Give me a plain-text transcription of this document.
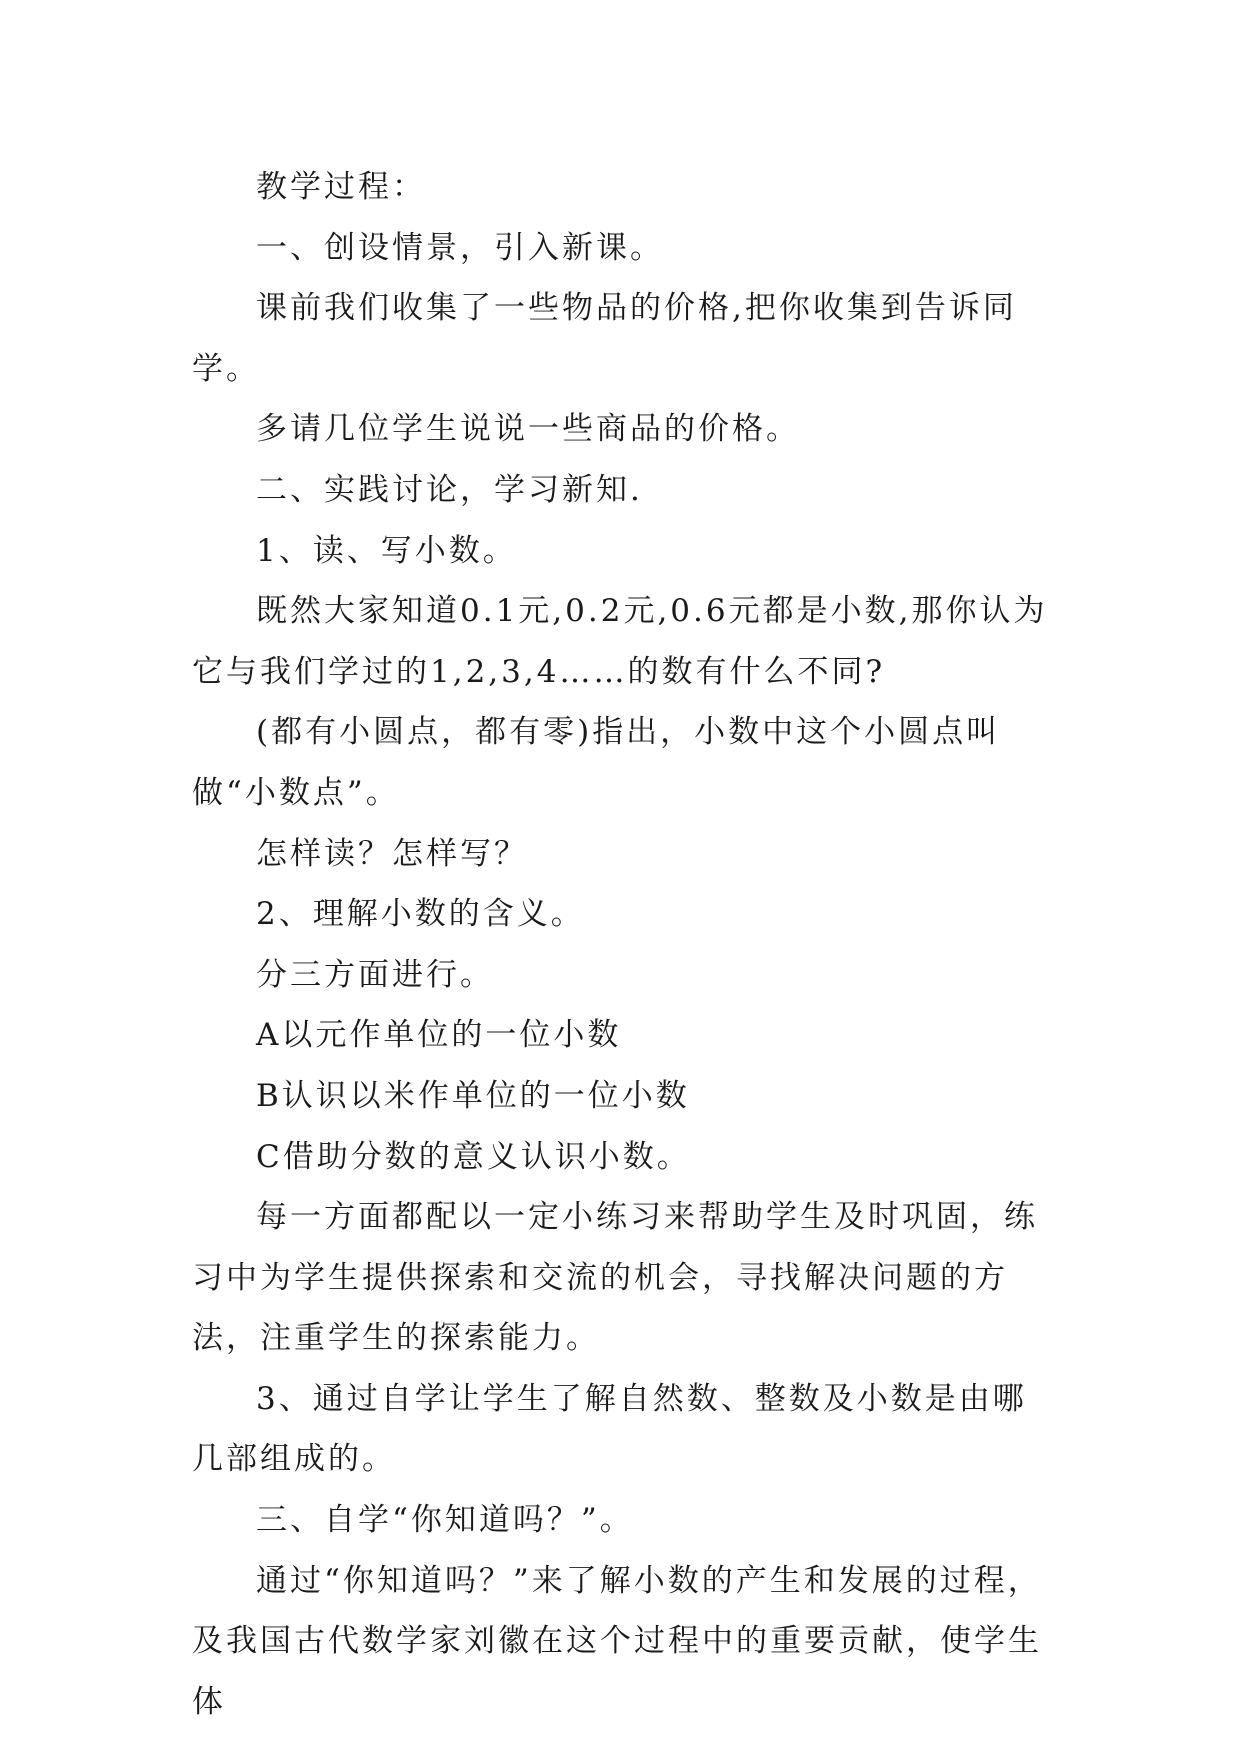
教学过程：

一、创设情景，引入新课。

课前我们收集了一些物品的价格,把你收集到告诉同学。

多请几位学生说说一些商品的价格。

二、实践讨论，学习新知.

1、读、写小数。

既然大家知道0.1元,0.2元,0.6元都是小数,那你认为它与我们学过的1,2,3,4……的数有什么不同?

(都有小圆点，都有零)指出，小数中这个小圆点叫做“小数点”。

怎样读？怎样写？

2、理解小数的含义。

分三方面进行。

A以元作单位的一位小数

B认识以米作单位的一位小数

C借助分数的意义认识小数。

每一方面都配以一定小练习来帮助学生及时巩固，练习中为学生提供探索和交流的机会，寻找解决问题的方法，注重学生的探索能力。

3、通过自学让学生了解自然数、整数及小数是由哪几部组成的。

三、自学“你知道吗？”。

通过“你知道吗？”来了解小数的产生和发展的过程，及我国古代数学家刘徽在这个过程中的重要贡献，使学生体
